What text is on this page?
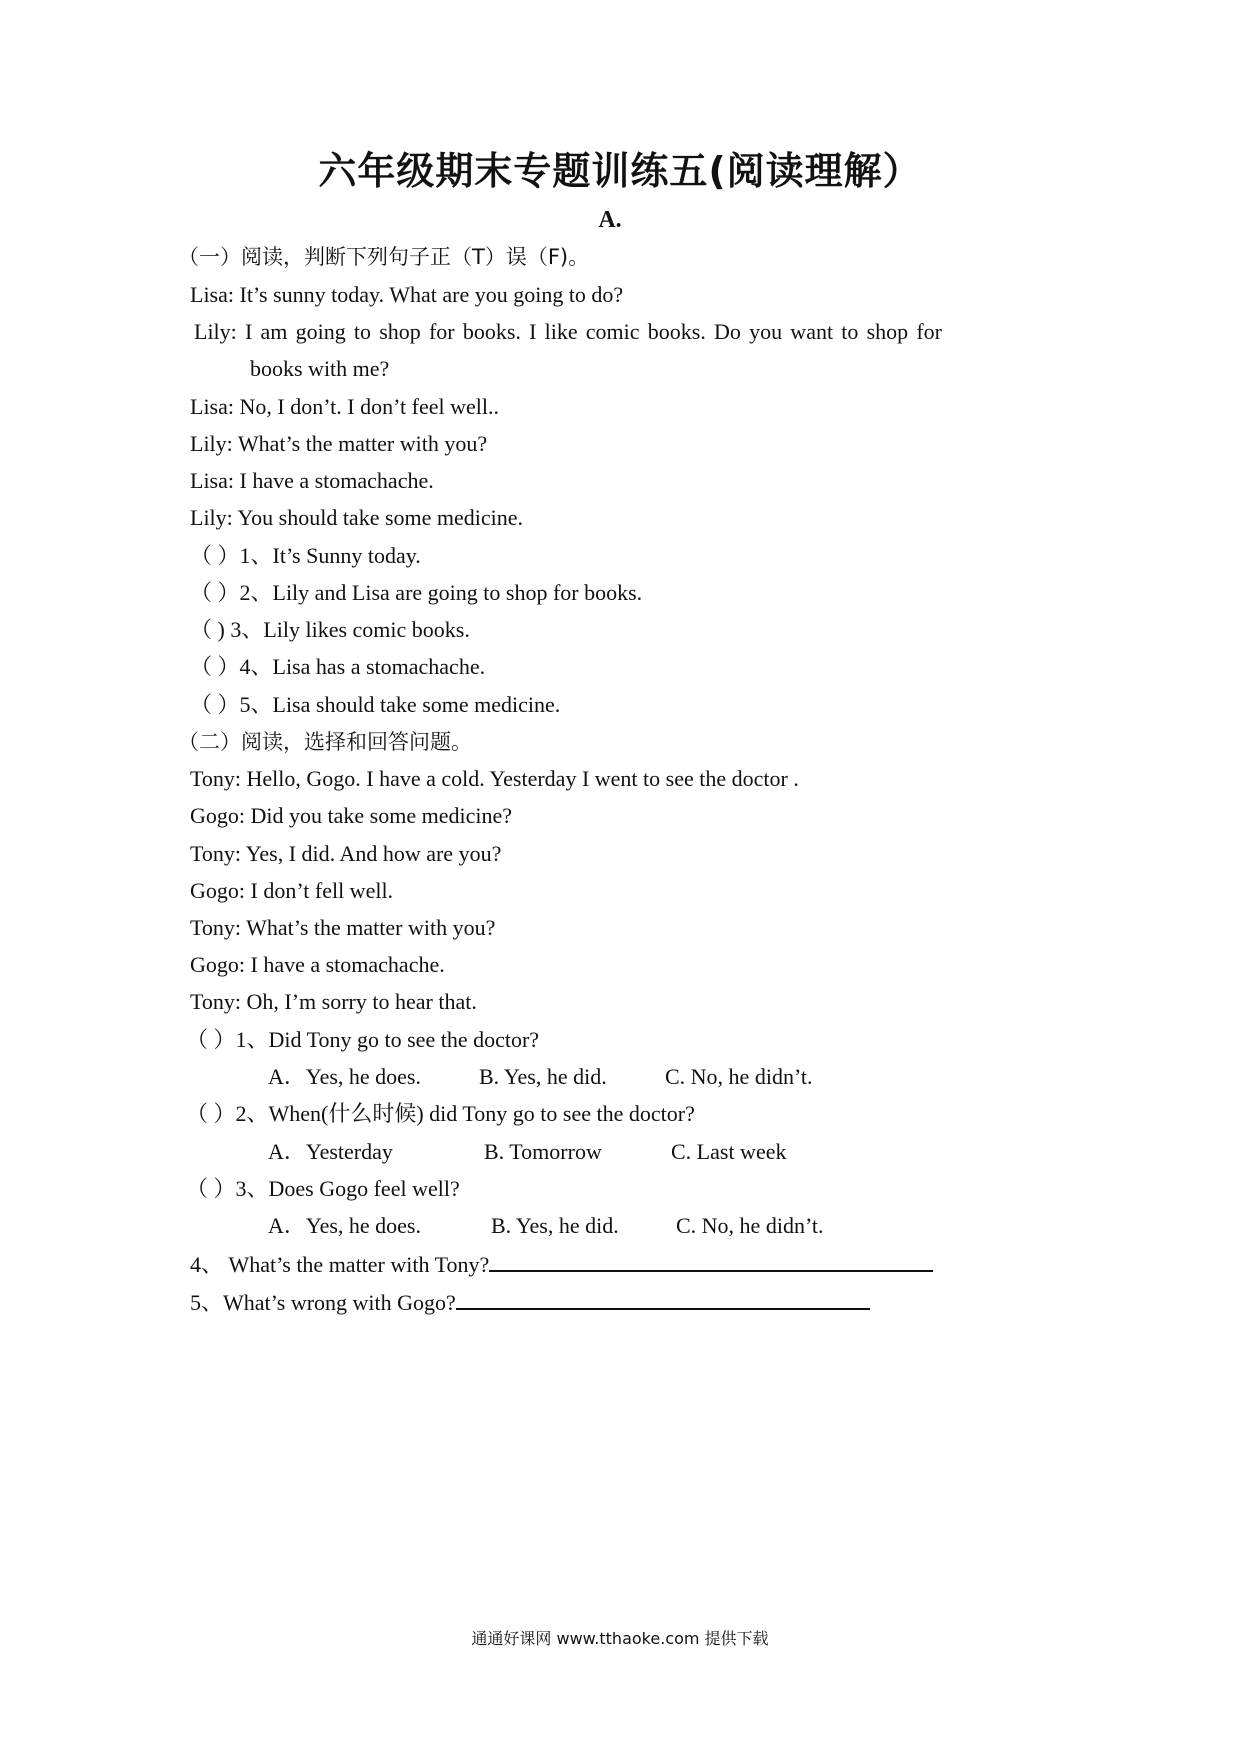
六年级期末专题训练五(阅读理解）
A.
（一）阅读，判断下列句子正（T）误（F)。
Lisa: It’s sunny today. What are you going to do?
Lily: I am going to shop for books. I like comic books. Do you want to shop for
books with me?
Lisa: No, I don’t. I don’t feel well..
Lily: What’s the matter with you?
Lisa: I have a stomachache.
Lily: You should take some medicine.
（ ）1、It’s Sunny today.
（ ）2、Lily and Lisa are going to shop for books.
（ ) 3、Lily likes comic books.
（ ）4、Lisa has a stomachache.
（ ）5、Lisa should take some medicine.
（二）阅读，选择和回答问题。
Tony: Hello, Gogo. I have a cold. Yesterday I went to see the doctor .
Gogo: Did you take some medicine?
Tony: Yes, I did. And how are you?
Gogo: I don’t fell well.
Tony: What’s the matter with you?
Gogo: I have a stomachache.
Tony: Oh, I’m sorry to hear that.
（ ）1、Did Tony go to see the doctor?
A．Yes, he does.	B. Yes, he did.	C. No, he didn’t.
（ ）2、When(什么时候) did Tony go to see the doctor?
A．Yesterday	B. Tomorrow	C. Last week
（ ）3、Does Gogo feel well?
A．Yes, he does.	B. Yes, he did.	C. No, he didn’t.
4、 What’s the matter with Tony?
5、What’s wrong with Gogo?
通通好课网 www.tthaoke.com 提供下载
